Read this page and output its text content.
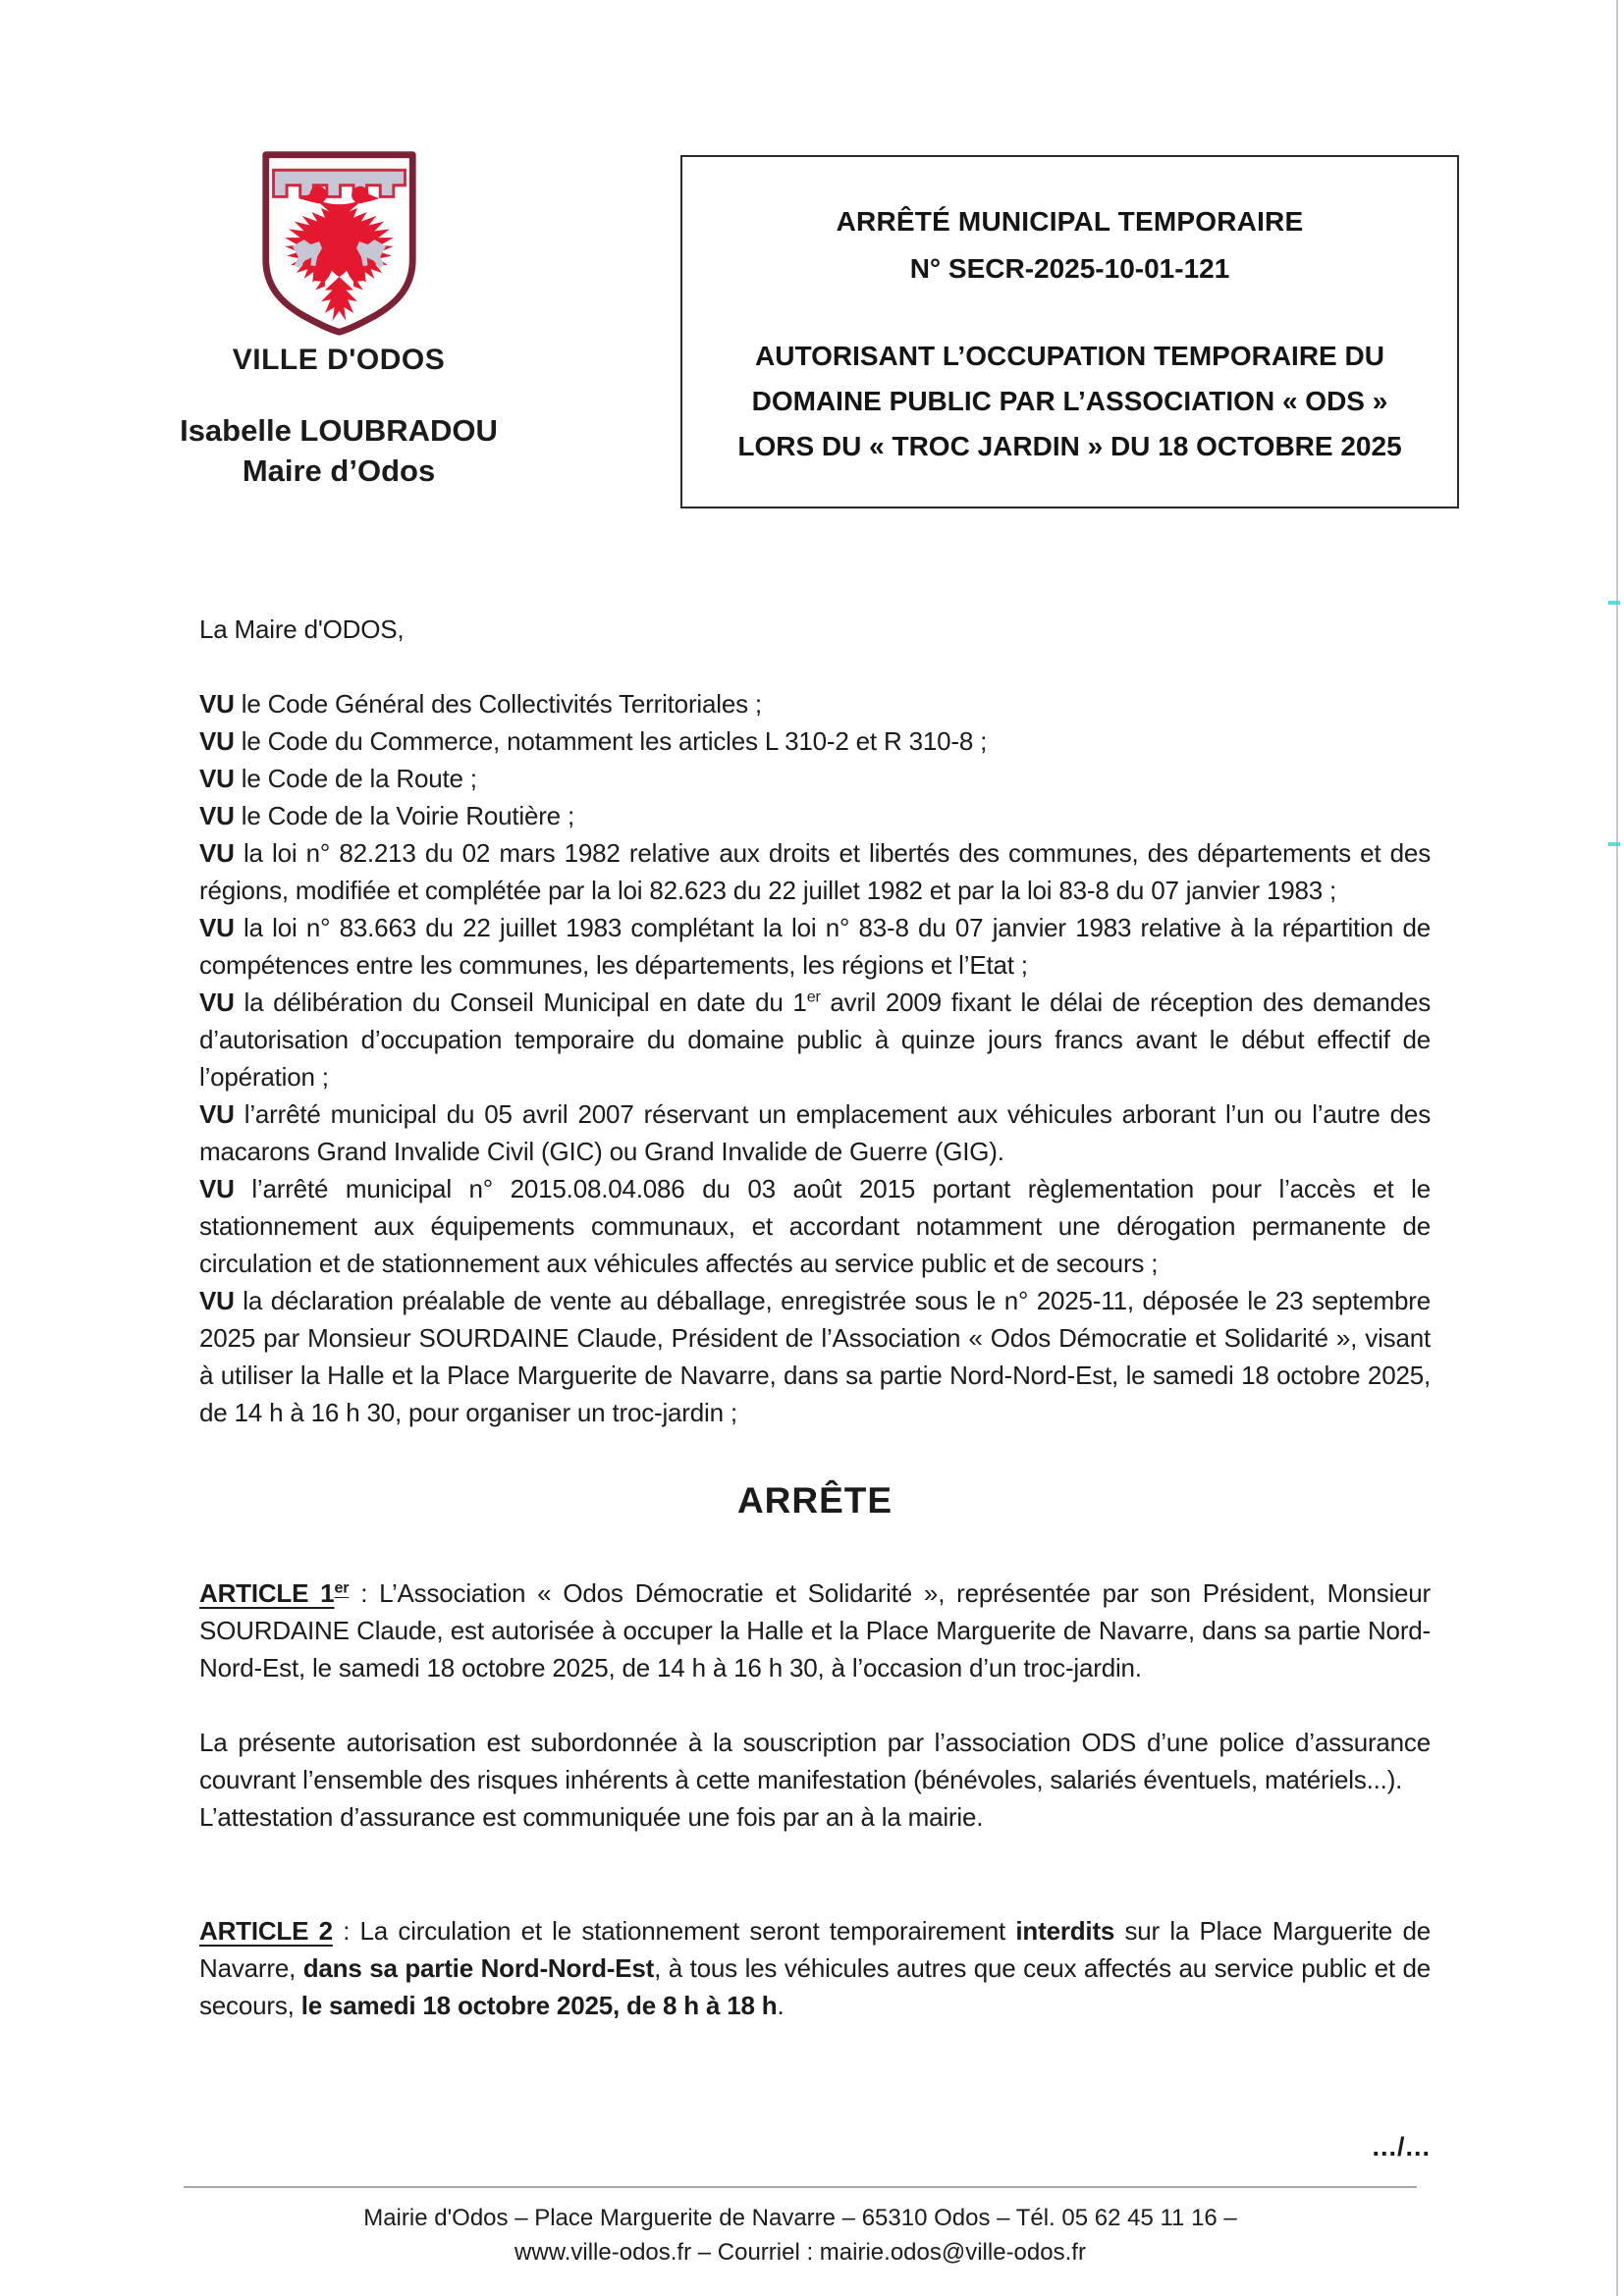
VILLE D'ODOS
Isabelle LOUBRADOU
Maire d’Odos
ARRÊTÉ MUNICIPAL TEMPORAIRE
N° SECR-2025-10-01-121
AUTORISANT L’OCCUPATION TEMPORAIRE DU DOMAINE PUBLIC PAR L’ASSOCIATION « ODS » LORS DU « TROC JARDIN » DU 18 OCTOBRE 2025

La Maire d'ODOS,

VU le Code Général des Collectivités Territoriales ;

VU le Code du Commerce, notamment les articles L 310-2 et R 310-8 ;

VU le Code de la Route ;

VU le Code de la Voirie Routière ;

VU la loi n° 82.213 du 02 mars 1982 relative aux droits et libertés des communes, des départements et des régions, modifiée et complétée par la loi 82.623 du 22 juillet 1982 et par la loi 83-8 du 07 janvier 1983 ;

VU la loi n° 83.663 du 22 juillet 1983 complétant la loi n° 83-8 du 07 janvier 1983 relative à la répartition de compétences entre les communes, les départements, les régions et l’Etat ;

VU la délibération du Conseil Municipal en date du 1er avril 2009 fixant le délai de réception des demandes d’autorisation d’occupation temporaire du domaine public à quinze jours francs avant le début effectif de l’opération ;

VU l’arrêté municipal du 05 avril 2007 réservant un emplacement aux véhicules arborant l’un ou l’autre des macarons Grand Invalide Civil (GIC) ou Grand Invalide de Guerre (GIG).

VU l’arrêté municipal n° 2015.08.04.086 du 03 août 2015 portant règlementation pour l’accès et le stationnement aux équipements communaux, et accordant notamment une dérogation permanente de circulation et de stationnement aux véhicules affectés au service public et de secours ;

VU la déclaration préalable de vente au déballage, enregistrée sous le n° 2025-11, déposée le 23 septembre 2025 par Monsieur SOURDAINE Claude, Président de l’Association « Odos Démocratie et Solidarité », visant à utiliser la Halle et la Place Marguerite de Navarre, dans sa partie Nord-Nord-Est, le samedi 18 octobre 2025, de 14 h à 16 h 30, pour organiser un troc-jardin ;

ARRÊTE

ARTICLE 1er : L’Association « Odos Démocratie et Solidarité », représentée par son Président, Monsieur SOURDAINE Claude, est autorisée à occuper la Halle et la Place Marguerite de Navarre, dans sa partie Nord-Nord-Est, le samedi 18 octobre 2025, de 14 h à 16 h 30, à l’occasion d’un troc-jardin.

La présente autorisation est subordonnée à la souscription par l’association ODS d’une police d’assurance couvrant l’ensemble des risques inhérents à cette manifestation (bénévoles, salariés éventuels, matériels...).

L’attestation d’assurance est communiquée une fois par an à la mairie.

ARTICLE 2 : La circulation et le stationnement seront temporairement interdits sur la Place Marguerite de Navarre, dans sa partie Nord-Nord-Est, à tous les véhicules autres que ceux affectés au service public et de secours, le samedi 18 octobre 2025, de 8 h à 18 h.

.../...
Mairie d'Odos – Place Marguerite de Navarre – 65310 Odos – Tél. 05 62 45 11 16 –
www.ville-odos.fr – Courriel : mairie.odos@ville-odos.fr
